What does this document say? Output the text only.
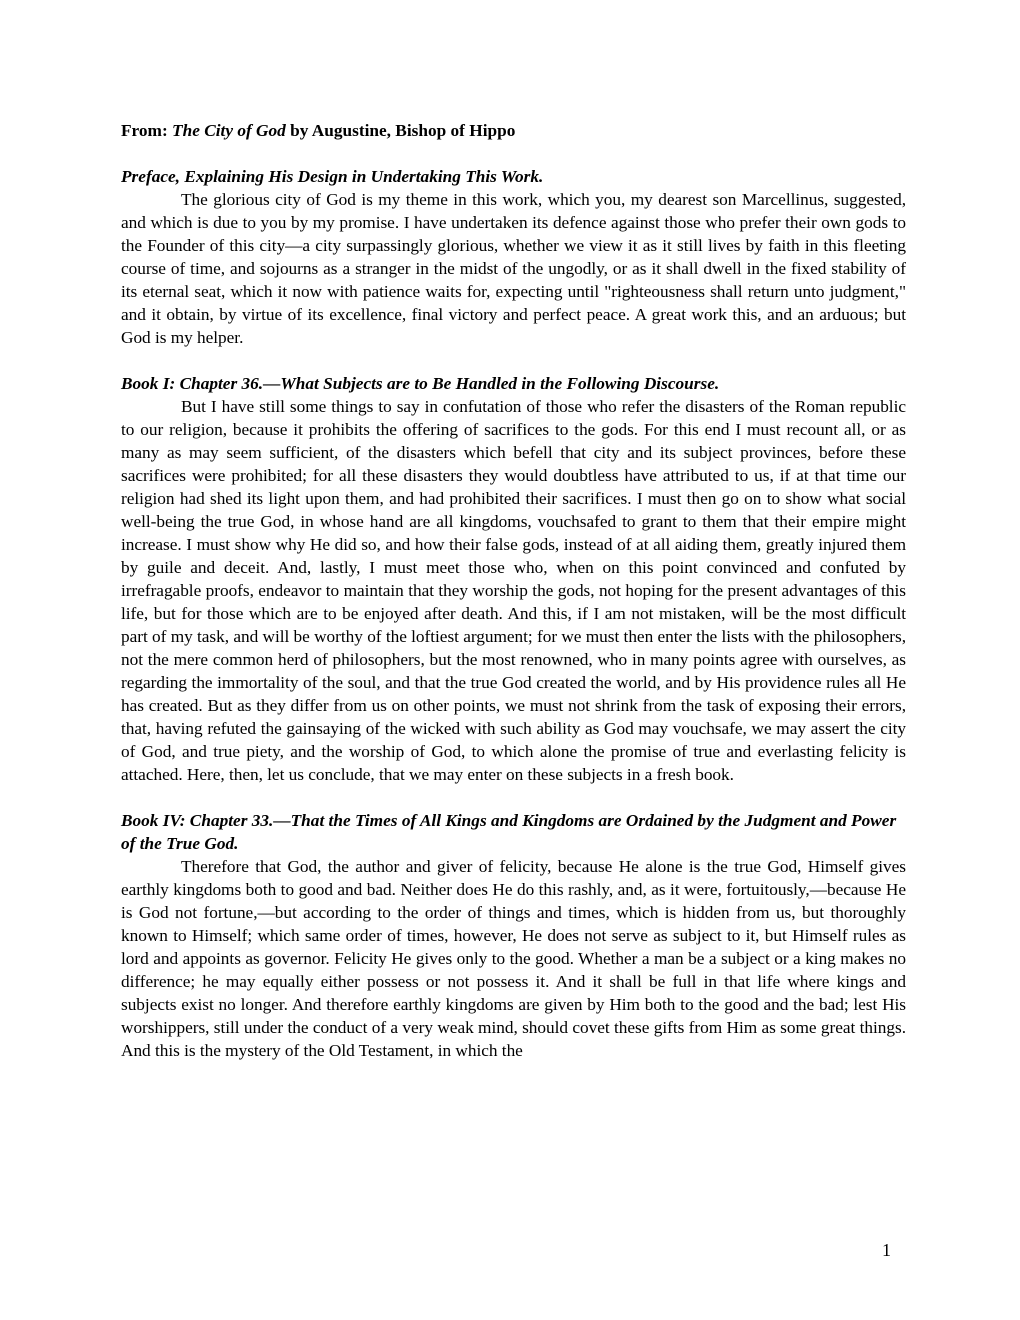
From: The City of God by Augustine, Bishop of Hippo

Preface, Explaining His Design in Undertaking This Work.

The glorious city of God is my theme in this work, which you, my dearest son Marcellinus, suggested, and which is due to you by my promise. I have undertaken its defence against those who prefer their own gods to the Founder of this city—a city surpassingly glorious, whether we view it as it still lives by faith in this fleeting course of time, and sojourns as a stranger in the midst of the ungodly, or as it shall dwell in the fixed stability of its eternal seat, which it now with patience waits for, expecting until "righteousness shall return unto judgment," and it obtain, by virtue of its excellence, final victory and perfect peace. A great work this, and an arduous; but God is my helper.

Book I: Chapter 36.—What Subjects are to Be Handled in the Following Discourse.

But I have still some things to say in confutation of those who refer the disasters of the Roman republic to our religion, because it prohibits the offering of sacrifices to the gods. For this end I must recount all, or as many as may seem sufficient, of the disasters which befell that city and its subject provinces, before these sacrifices were prohibited; for all these disasters they would doubtless have attributed to us, if at that time our religion had shed its light upon them, and had prohibited their sacrifices. I must then go on to show what social well-being the true God, in whose hand are all kingdoms, vouchsafed to grant to them that their empire might increase. I must show why He did so, and how their false gods, instead of at all aiding them, greatly injured them by guile and deceit. And, lastly, I must meet those who, when on this point convinced and confuted by irrefragable proofs, endeavor to maintain that they worship the gods, not hoping for the present advantages of this life, but for those which are to be enjoyed after death. And this, if I am not mistaken, will be the most difficult part of my task, and will be worthy of the loftiest argument; for we must then enter the lists with the philosophers, not the mere common herd of philosophers, but the most renowned, who in many points agree with ourselves, as regarding the immortality of the soul, and that the true God created the world, and by His providence rules all He has created. But as they differ from us on other points, we must not shrink from the task of exposing their errors, that, having refuted the gainsaying of the wicked with such ability as God may vouchsafe, we may assert the city of God, and true piety, and the worship of God, to which alone the promise of true and everlasting felicity is attached. Here, then, let us conclude, that we may enter on these subjects in a fresh book.

Book IV: Chapter 33.—That the Times of All Kings and Kingdoms are Ordained by the Judgment and Power of the True God.

Therefore that God, the author and giver of felicity, because He alone is the true God, Himself gives earthly kingdoms both to good and bad. Neither does He do this rashly, and, as it were, fortuitously,—because He is God not fortune,—but according to the order of things and times, which is hidden from us, but thoroughly known to Himself; which same order of times, however, He does not serve as subject to it, but Himself rules as lord and appoints as governor. Felicity He gives only to the good. Whether a man be a subject or a king makes no difference; he may equally either possess or not possess it. And it shall be full in that life where kings and subjects exist no longer. And therefore earthly kingdoms are given by Him both to the good and the bad; lest His worshippers, still under the conduct of a very weak mind, should covet these gifts from Him as some great things. And this is the mystery of the Old Testament, in which the

1
